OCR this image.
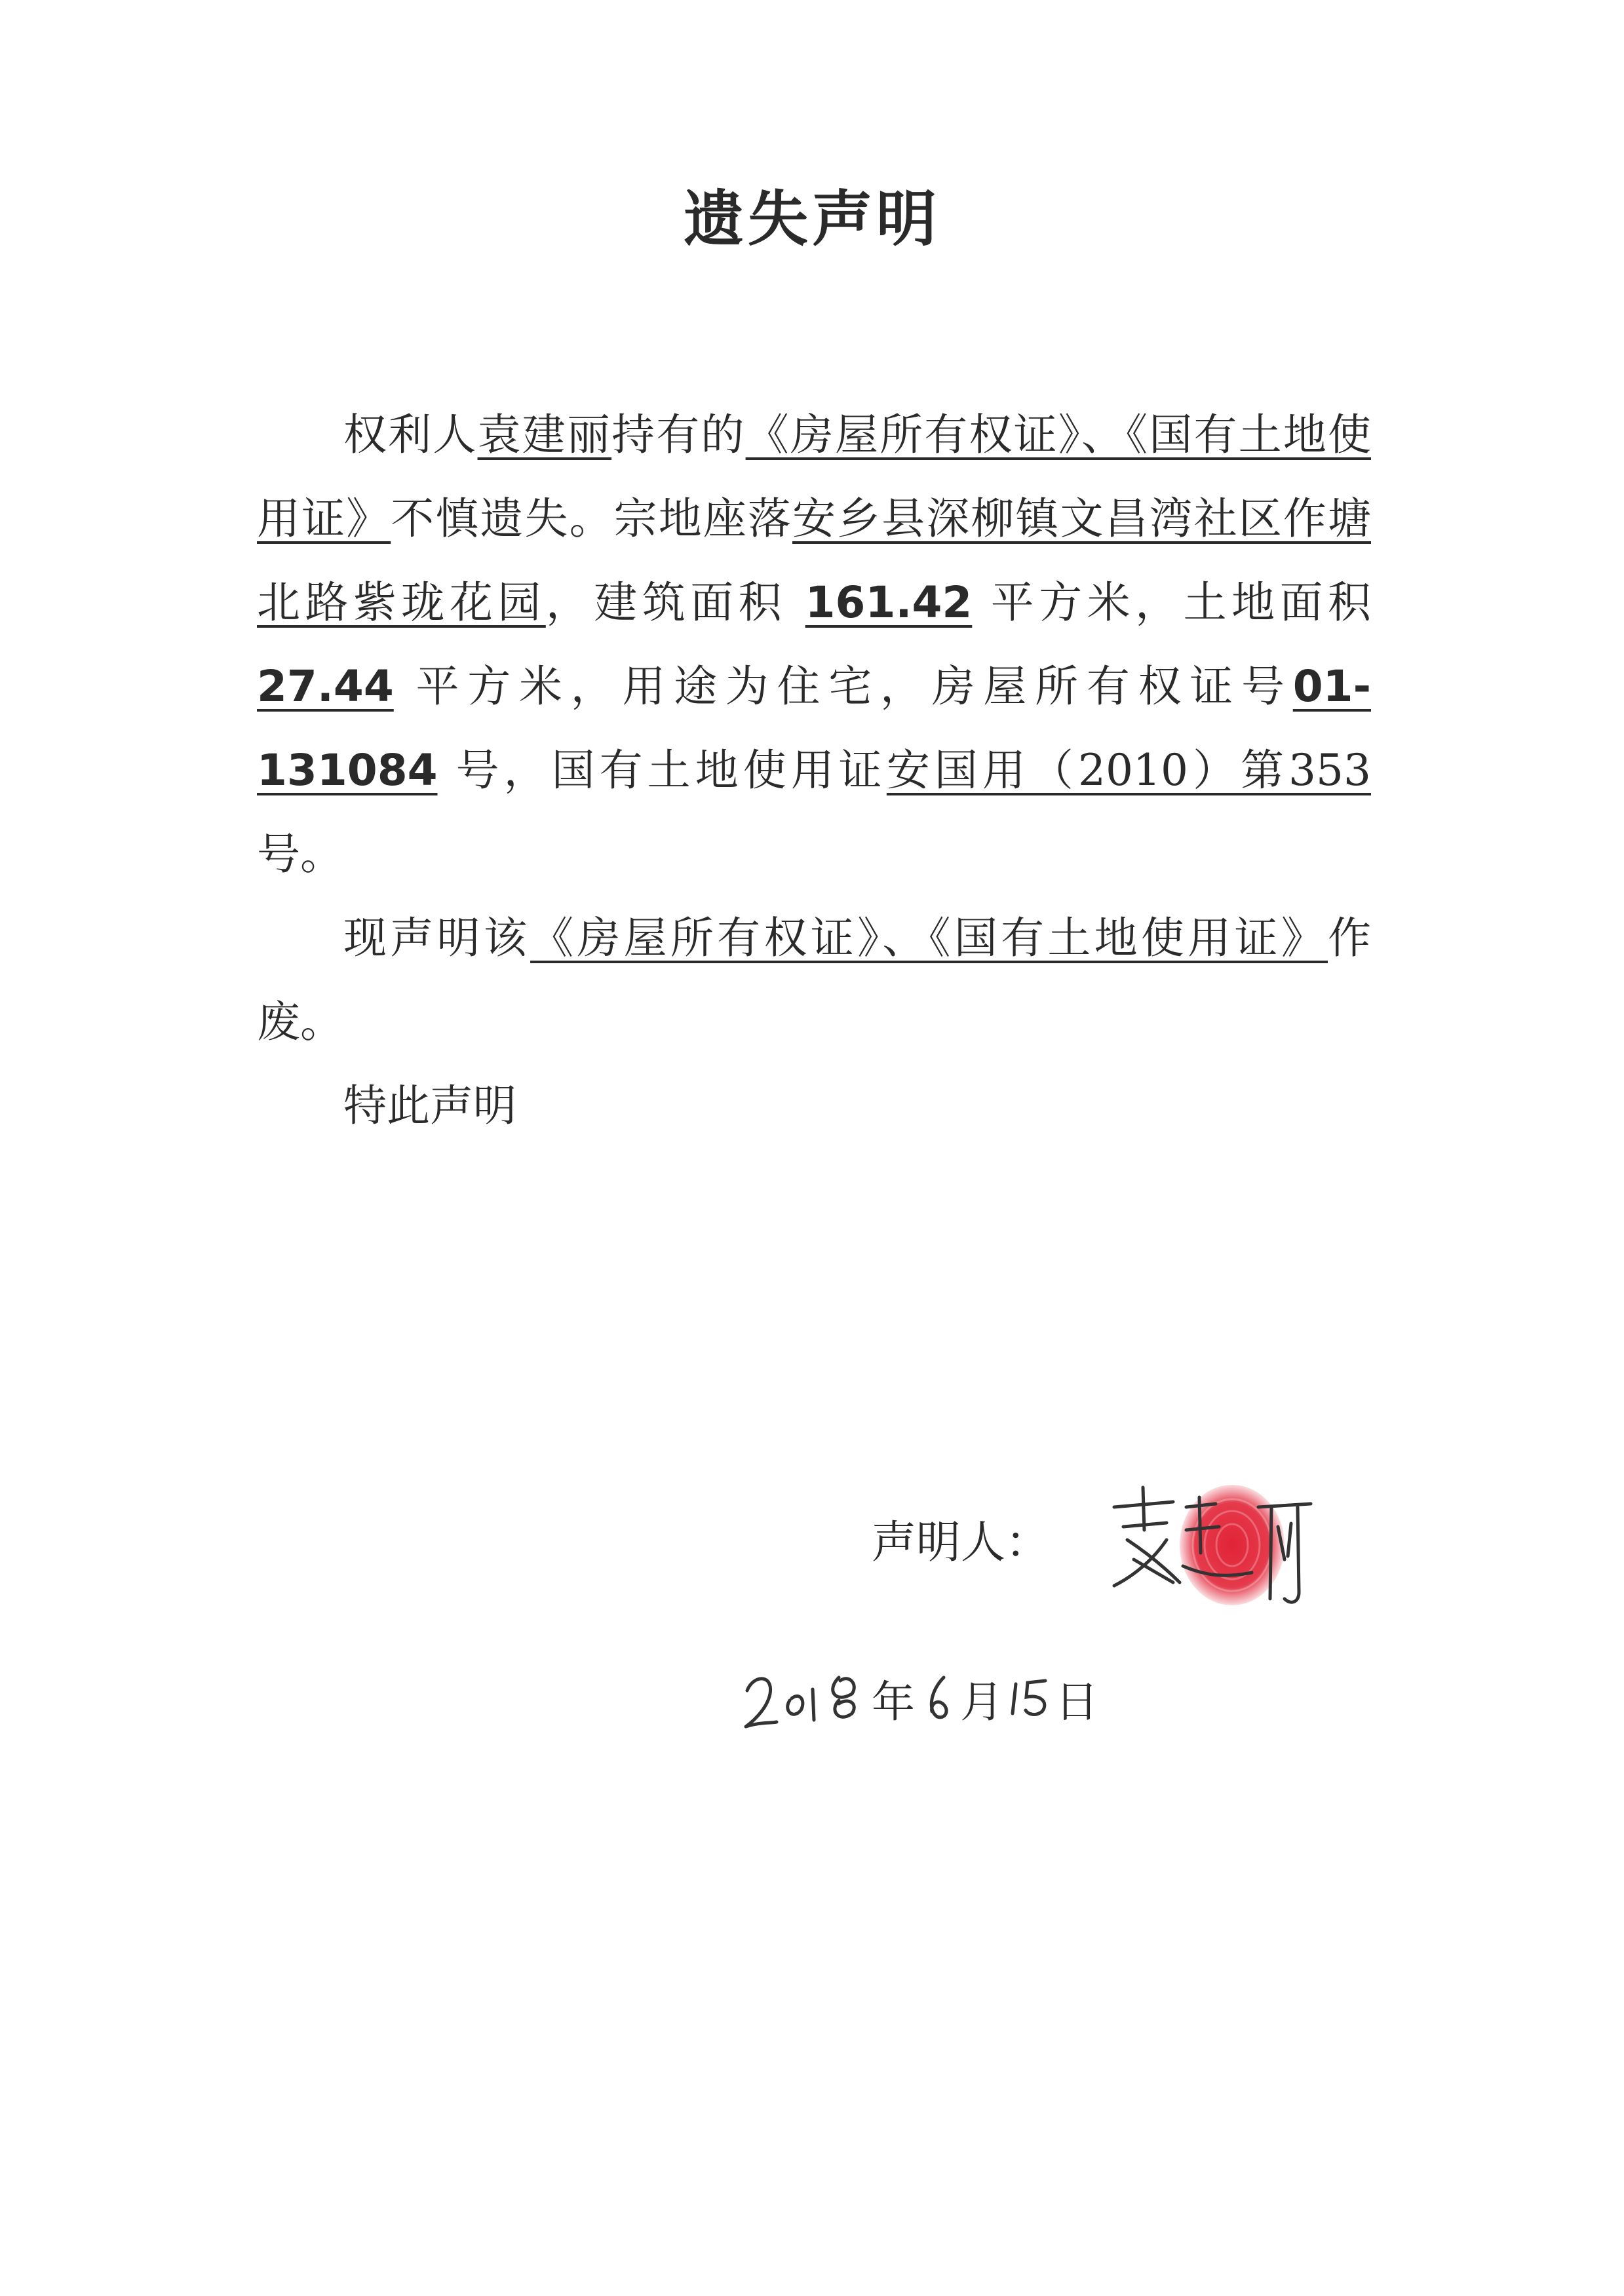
遗失声明

权利人袁建丽持有的《房屋所有权证》、《国有土地使用证》不慎遗失。宗地座落安乡县深柳镇文昌湾社区作塘北路紫珑花园，建筑面积 161.42 平方米，土地面积 27.44 平方米，用途为住宅，房屋所有权证号01-131084 号，国有土地使用证安国用（2010）第353号。

现声明该《房屋所有权证》、《国有土地使用证》作废。

特此声明

声明人：
年 月 日
